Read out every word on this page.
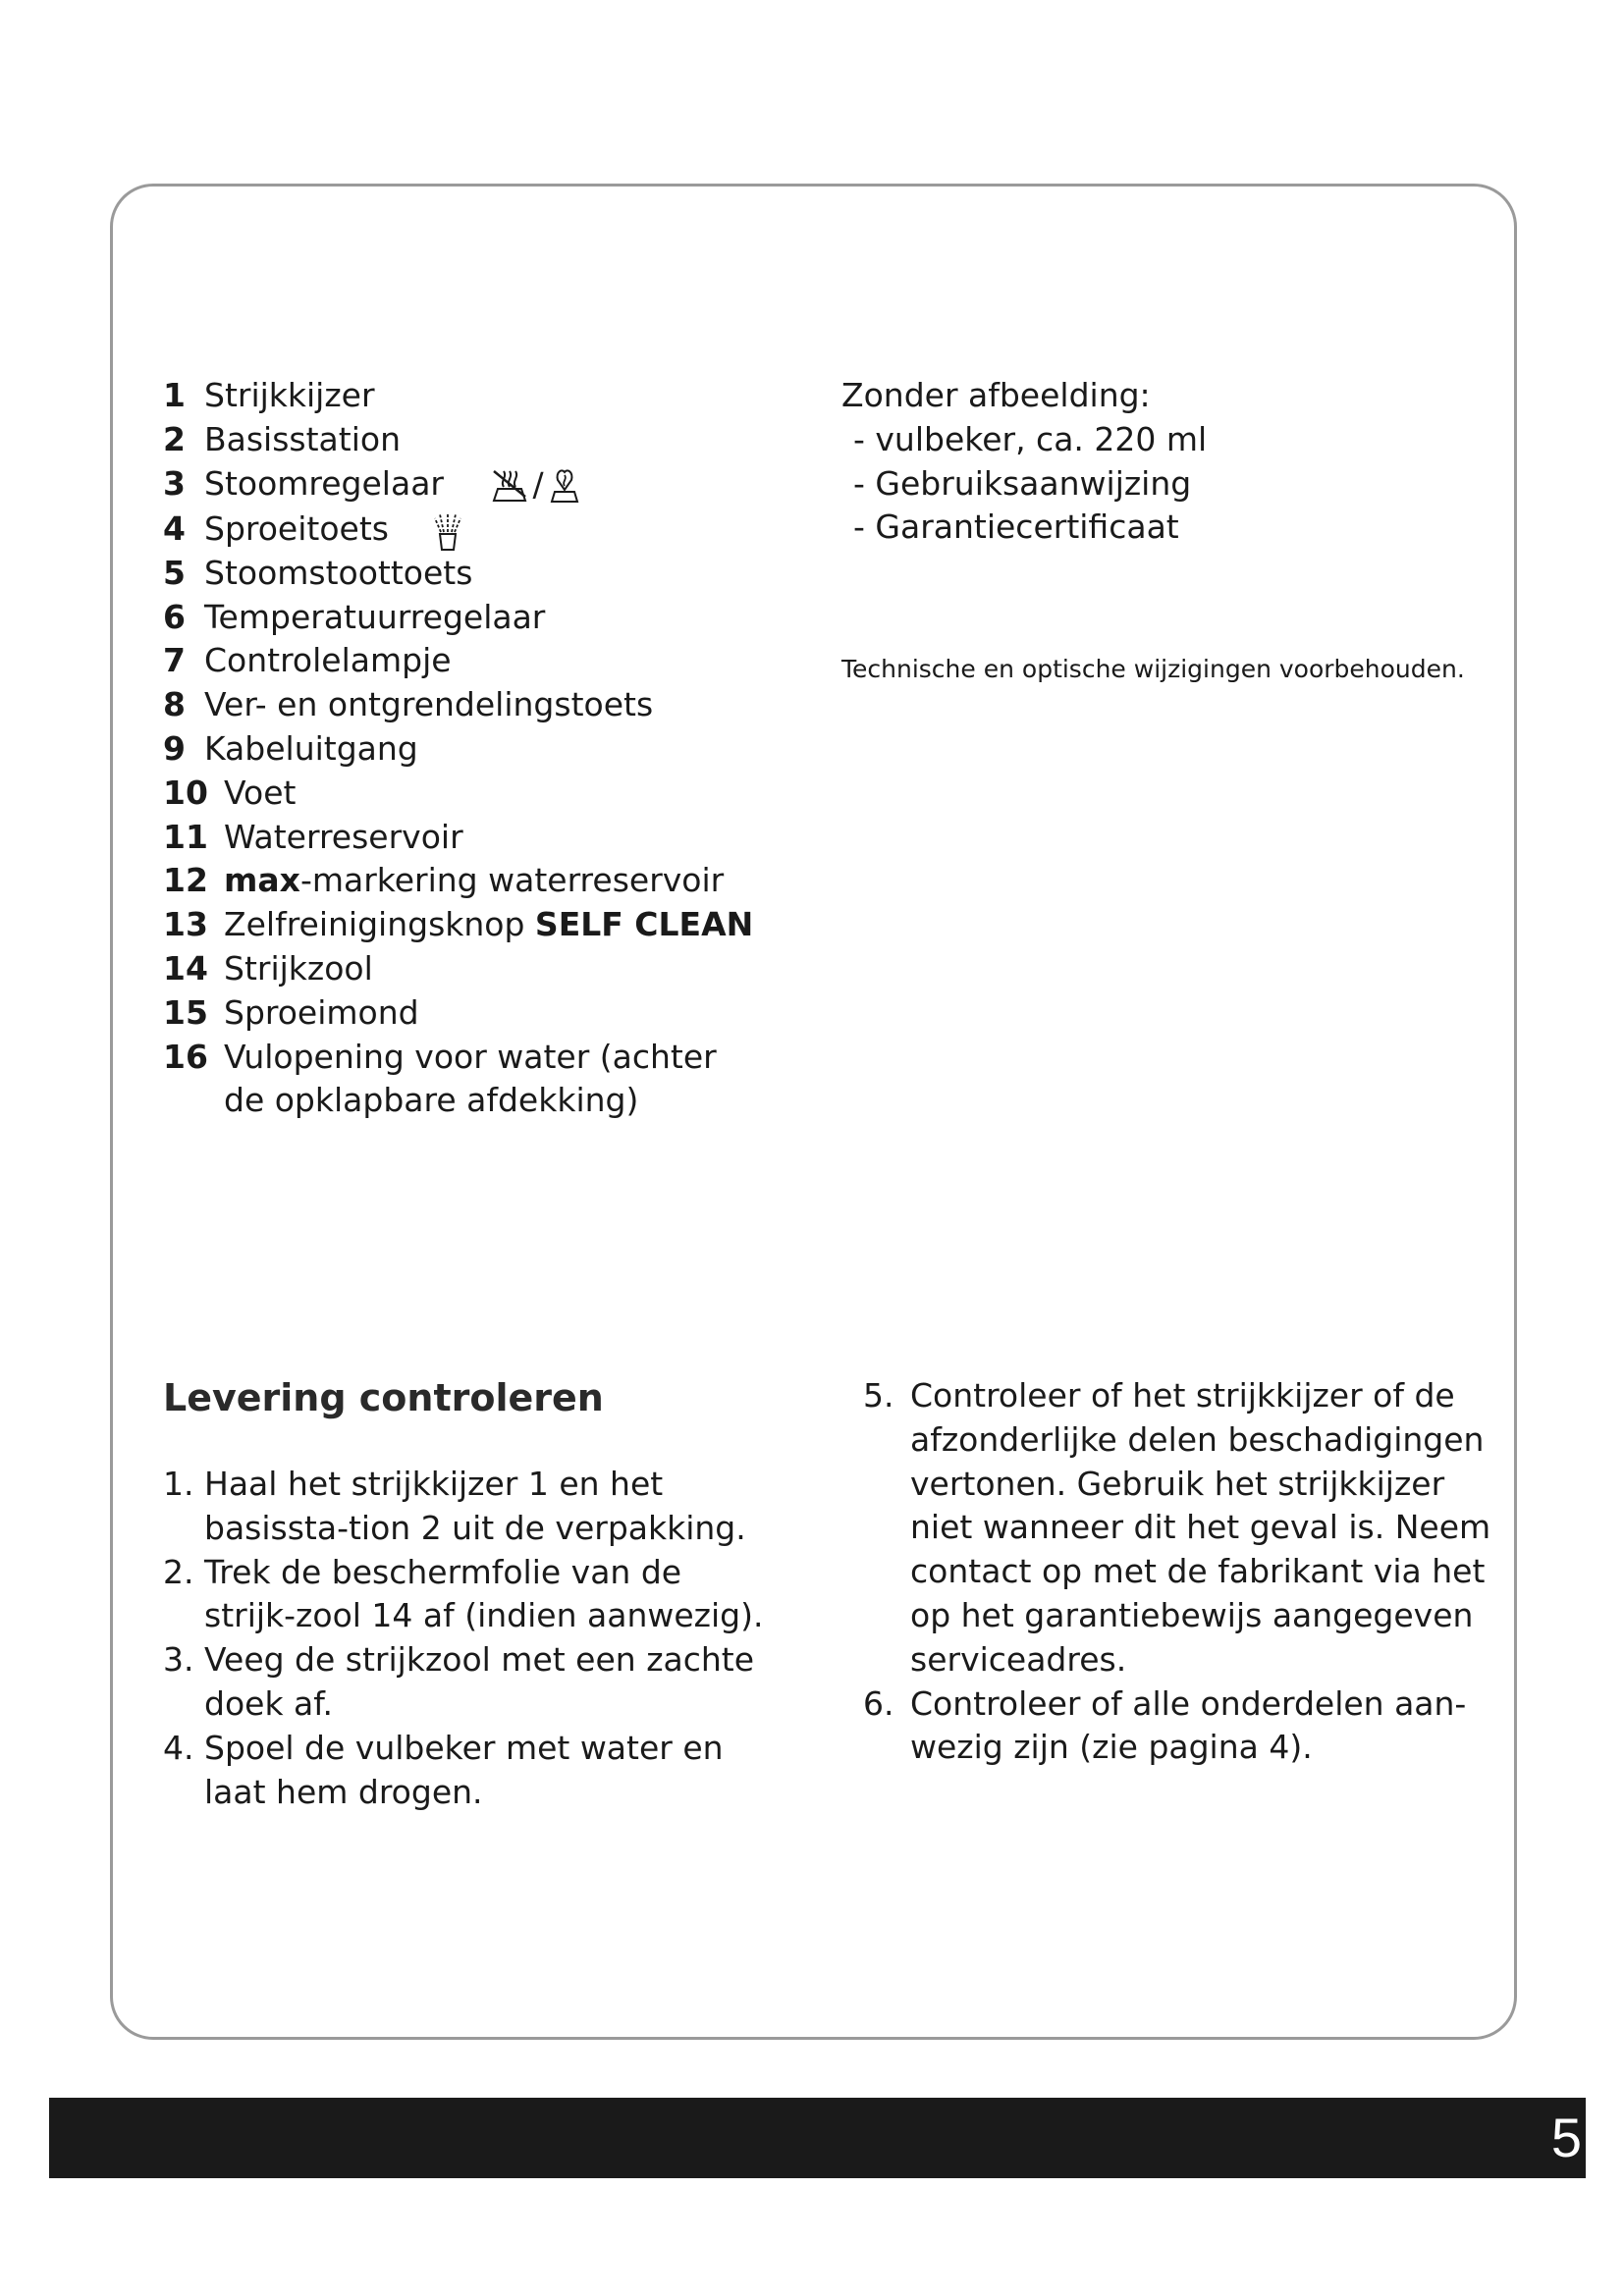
1 Strijkkijzer
2 Basisstation
3 Stoomregelaar	/
4 Sproeitoets
5 Stoomstoottoets
6 Temperatuurregelaar
7 Controlelampje
8 Ver- en ontgrendelingstoets
9 Kabeluitgang
10 Voet
11 Waterreservoir
12 max-markering waterreservoir
13 Zelfreinigingsknop SELF CLEAN
14 Strijkzool
15 Sproeimond
16 Vulopening voor water (achter de opklapbare afdekking)
Zonder afbeelding:
- vulbeker, ca. 220 ml
- Gebruiksaanwijzing
- Garantiecertificaat
Technische en optische wijzigingen voorbehouden.
Levering controleren
1. Haal het strijkkijzer 1 en het basissta-tion 2 uit de verpakking.
2. Trek de beschermfolie van de strijk-zool 14 af (indien aanwezig).
3. Veeg de strijkzool met een zachte doek af.
4. Spoel de vulbeker met water en laat hem drogen.
5. Controleer of het strijkkijzer of de afzonderlijke delen beschadigingen vertonen. Gebruik het strijkkijzer niet wanneer dit het geval is. Neem contact op met de fabrikant via het op het garantiebewijs aangegeven serviceadres.
6. Controleer of alle onderdelen aan-wezig zijn (zie pagina 4).
5
